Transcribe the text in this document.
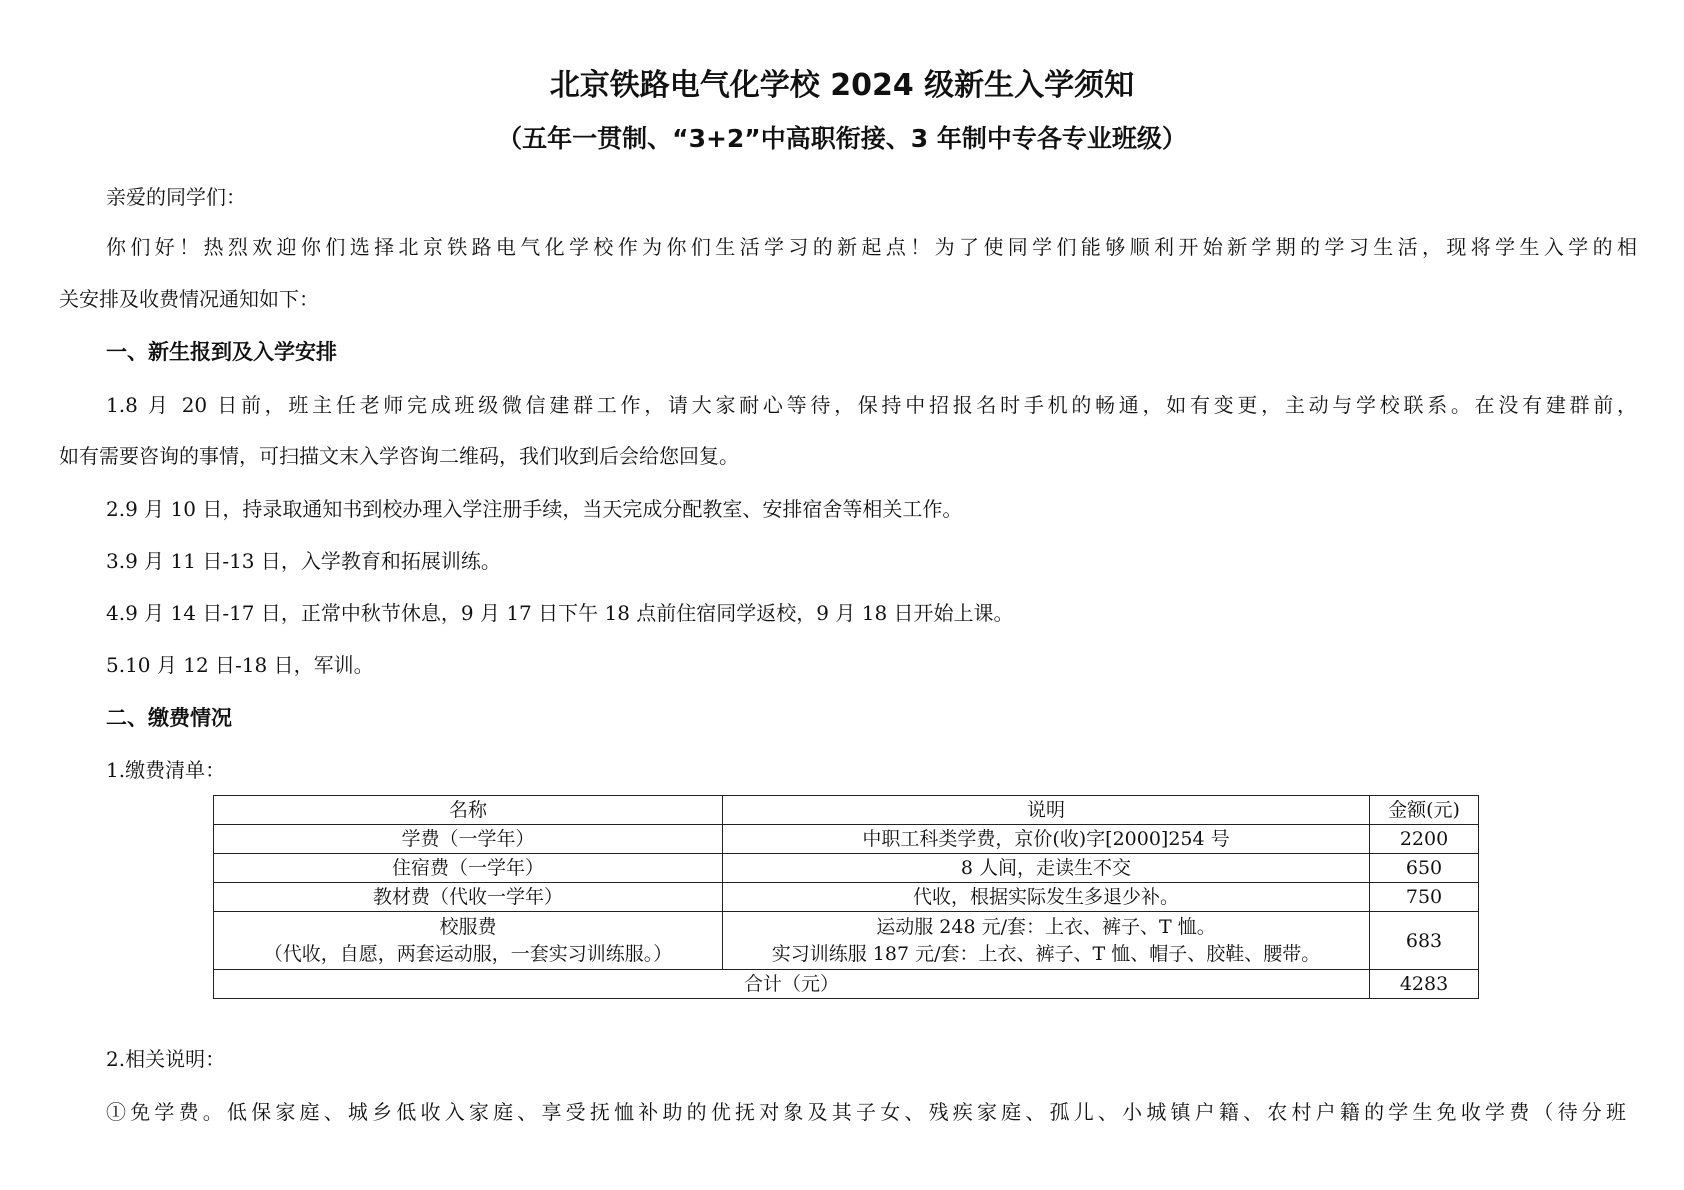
北京铁路电气化学校 2024 级新生入学须知
（五年一贯制、“3+2”中高职衔接、3 年制中专各专业班级）
亲爱的同学们：
你们好！热烈欢迎你们选择北京铁路电气化学校作为你们生活学习的新起点！为了使同学们能够顺利开始新学期的学习生活，现将学生入学的相
关安排及收费情况通知如下：
一、新生报到及入学安排
1.8 月 20 日前，班主任老师完成班级微信建群工作，请大家耐心等待，保持中招报名时手机的畅通，如有变更，主动与学校联系。在没有建群前，
如有需要咨询的事情，可扫描文末入学咨询二维码，我们收到后会给您回复。
2.9 月 10 日，持录取通知书到校办理入学注册手续，当天完成分配教室、安排宿舍等相关工作。
3.9 月 11 日-13 日，入学教育和拓展训练。
4.9 月 14 日-17 日，正常中秋节休息，9 月 17 日下午 18 点前住宿同学返校，9 月 18 日开始上课。
5.10 月 12 日-18 日，军训。
二、缴费情况
1.缴费清单：
名称	说明	金额(元)
学费（一学年）	中职工科类学费，京价(收)字[2000]254 号	2200
住宿费（一学年）	8 人间，走读生不交	650
教材费（代收一学年）	代收，根据实际发生多退少补。	750

校服费
（代收，自愿，两套运动服，一套实习训练服。）	运动服 248 元/套：上衣、裤子、T 恤。
实习训练服 187 元/套：上衣、裤子、T 恤、帽子、胶鞋、腰带。	683
合计（元）		4283
2.相关说明：
①免学费。低保家庭、城乡低收入家庭、享受抚恤补助的优抚对象及其子女、残疾家庭、孤儿、小城镇户籍、农村户籍的学生免收学费（待分班
